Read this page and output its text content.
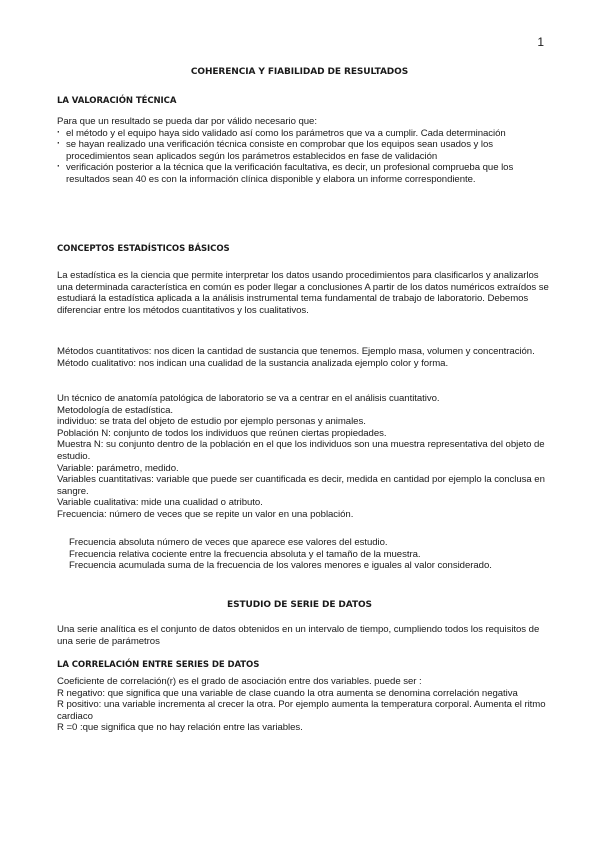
1
COHERENCIA Y FIABILIDAD DE RESULTADOS
LA VALORACIÓN TÉCNICA

Para que un resultado se pueda dar por válido necesario que:

· el método y el equipo haya sido validado así como los parámetros que va a cumplir. Cada determinación

· se hayan realizado una verificación técnica consiste en comprobar que los equipos sean usados y los procedimientos sean aplicados según los parámetros establecidos en fase de validación

· verificación posterior a la técnica que la verificación facultativa, es decir, un profesional comprueba que los resultados sean 40 es con la información clínica disponible y elabora un informe correspondiente.

CONCEPTOS ESTADÍSTICOS BÁSICOS

La estadística es la ciencia que permite interpretar los datos usando procedimientos para clasificarlos y analizarlos una determinada característica en común es poder llegar a conclusiones A partir de los datos numéricos extraídos se estudiará la estadística aplicada a la análisis instrumental tema fundamental de trabajo de laboratorio. Debemos diferenciar entre los métodos cuantitativos y los cualitativos.

Métodos cuantitativos: nos dicen la cantidad de sustancia que tenemos. Ejemplo masa, volumen y concentración.

Método cualitativo: nos indican una cualidad de la sustancia analizada ejemplo color y forma.

Un técnico de anatomía patológica de laboratorio se va a centrar en el análisis cuantitativo.

Metodología de estadística.

individuo: se trata del objeto de estudio por ejemplo personas y animales.

Población N: conjunto de todos los individuos que reúnen ciertas propiedades.

Muestra N: su conjunto dentro de la población en el que los individuos son una muestra representativa del objeto de estudio.

Variable: parámetro, medido.

Variables cuantitativas: variable que puede ser cuantificada es decir, medida en cantidad por ejemplo la conclusa en sangre.

Variable cualitativa: mide una cualidad o atributo.

Frecuencia: número de veces que se repite un valor en una población.

Frecuencia absoluta número de veces que aparece ese valores del estudio.

Frecuencia relativa cociente entre la frecuencia absoluta y el tamaño de la muestra.

Frecuencia acumulada suma de la frecuencia de los valores menores e iguales al valor considerado.

ESTUDIO DE SERIE DE DATOS

Una serie analítica es el conjunto de datos obtenidos en un intervalo de tiempo, cumpliendo todos los requisitos de una serie de parámetros

LA CORRELACIÓN ENTRE SERIES DE DATOS

Coeficiente de correlación(r) es el grado de asociación entre dos variables. puede ser :

R negativo: que significa que una variable de clase cuando la otra aumenta se denomina correlación negativa

R positivo: una variable incrementa al crecer la otra. Por ejemplo aumenta la temperatura corporal. Aumenta el ritmo cardiaco

R =0 :que significa que no hay relación entre las variables.
